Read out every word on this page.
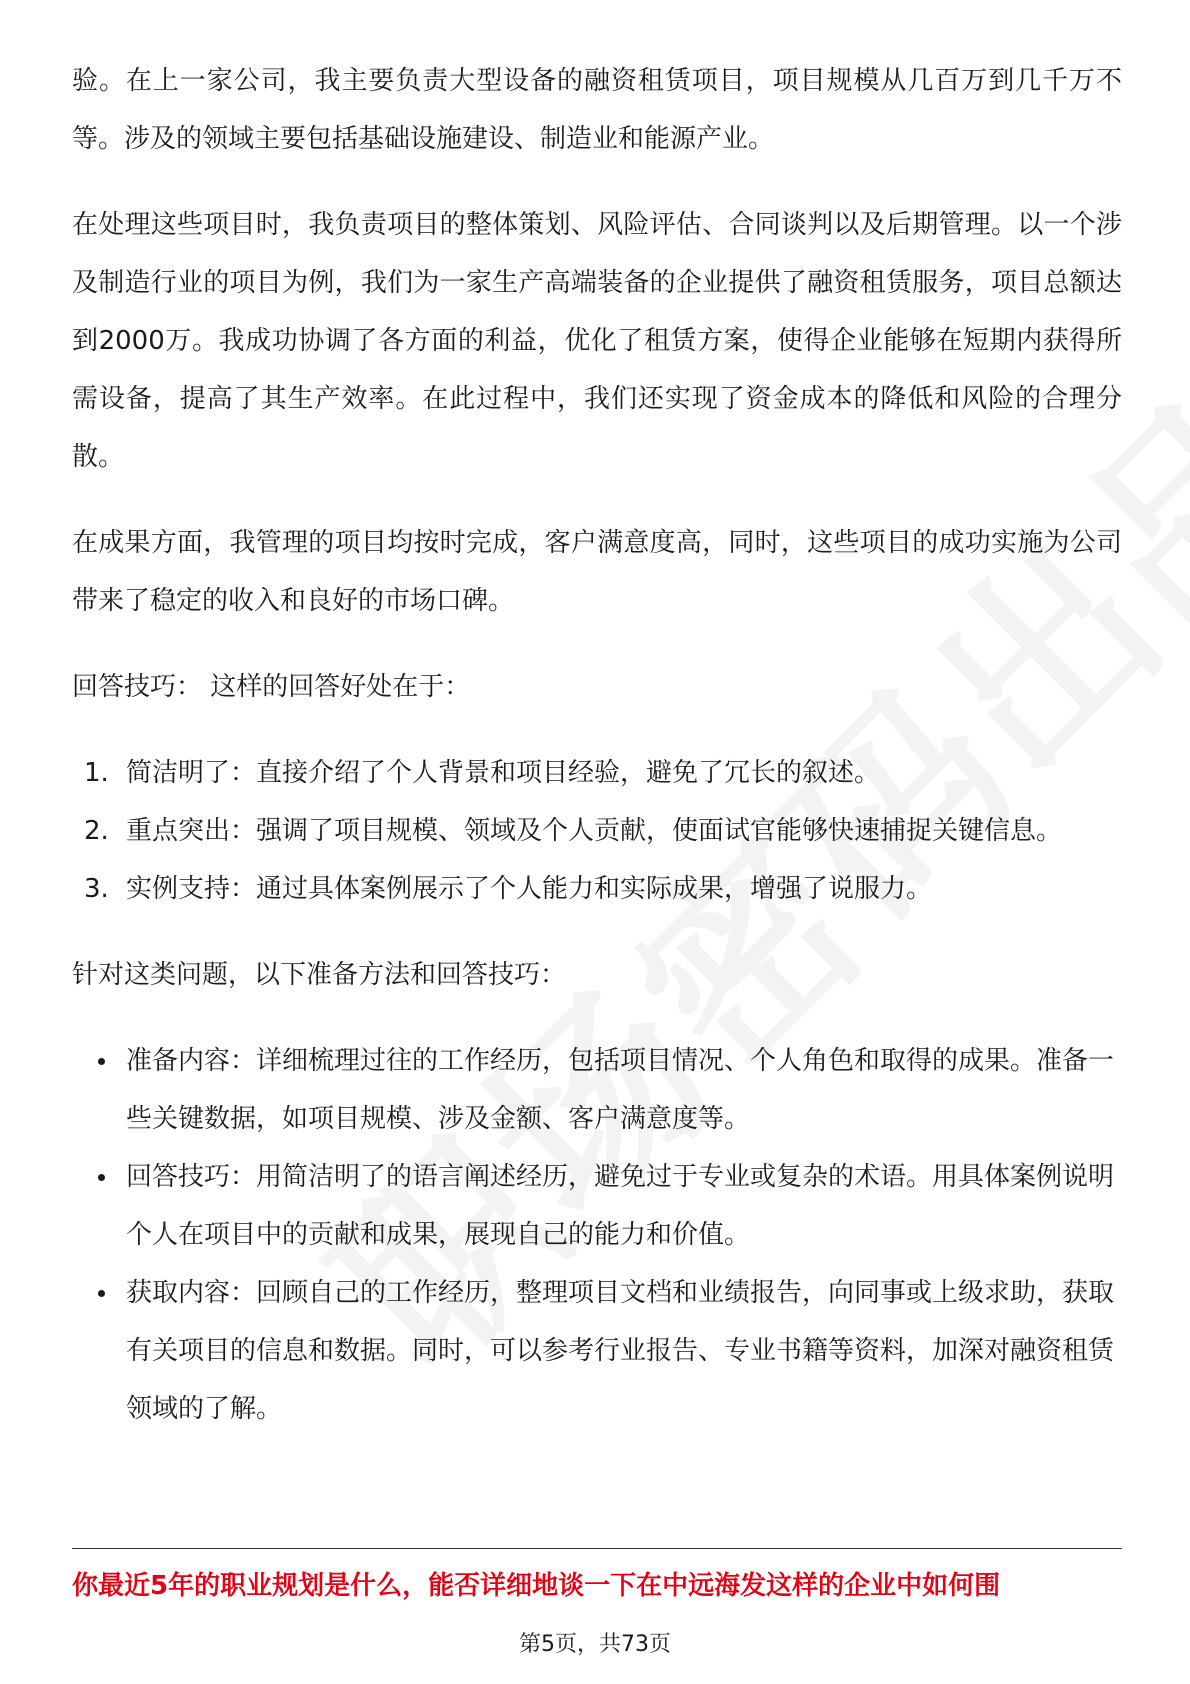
验。在上一家公司，我主要负责大型设备的融资租赁项目，项目规模从几百万到几千万不等。涉及的领域主要包括基础设施建设、制造业和能源产业。

在处理这些项目时，我负责项目的整体策划、风险评估、合同谈判以及后期管理。以一个涉及制造行业的项目为例，我们为一家生产高端装备的企业提供了融资租赁服务，项目总额达到2000万。我成功协调了各方面的利益，优化了租赁方案，使得企业能够在短期内获得所需设备，提高了其生产效率。在此过程中，我们还实现了资金成本的降低和风险的合理分散。

在成果方面，我管理的项目均按时完成，客户满意度高，同时，这些项目的成功实施为公司带来了稳定的收入和良好的市场口碑。

回答技巧： 这样的回答好处在于：

1. 简洁明了：直接介绍了个人背景和项目经验，避免了冗长的叙述。
2. 重点突出：强调了项目规模、领域及个人贡献，使面试官能够快速捕捉关键信息。
3. 实例支持：通过具体案例展示了个人能力和实际成果，增强了说服力。

针对这类问题，以下准备方法和回答技巧：

准备内容：详细梳理过往的工作经历，包括项目情况、个人角色和取得的成果。准备一些关键数据，如项目规模、涉及金额、客户满意度等。
回答技巧：用简洁明了的语言阐述经历，避免过于专业或复杂的术语。用具体案例说明个人在项目中的贡献和成果，展现自己的能力和价值。
获取内容：回顾自己的工作经历，整理项目文档和业绩报告，向同事或上级求助，获取有关项目的信息和数据。同时，可以参考行业报告、专业书籍等资料，加深对融资租赁领域的了解。
你最近5年的职业规划是什么，能否详细地谈一下在中远海发这样的企业中如何围
第5页，共73页
